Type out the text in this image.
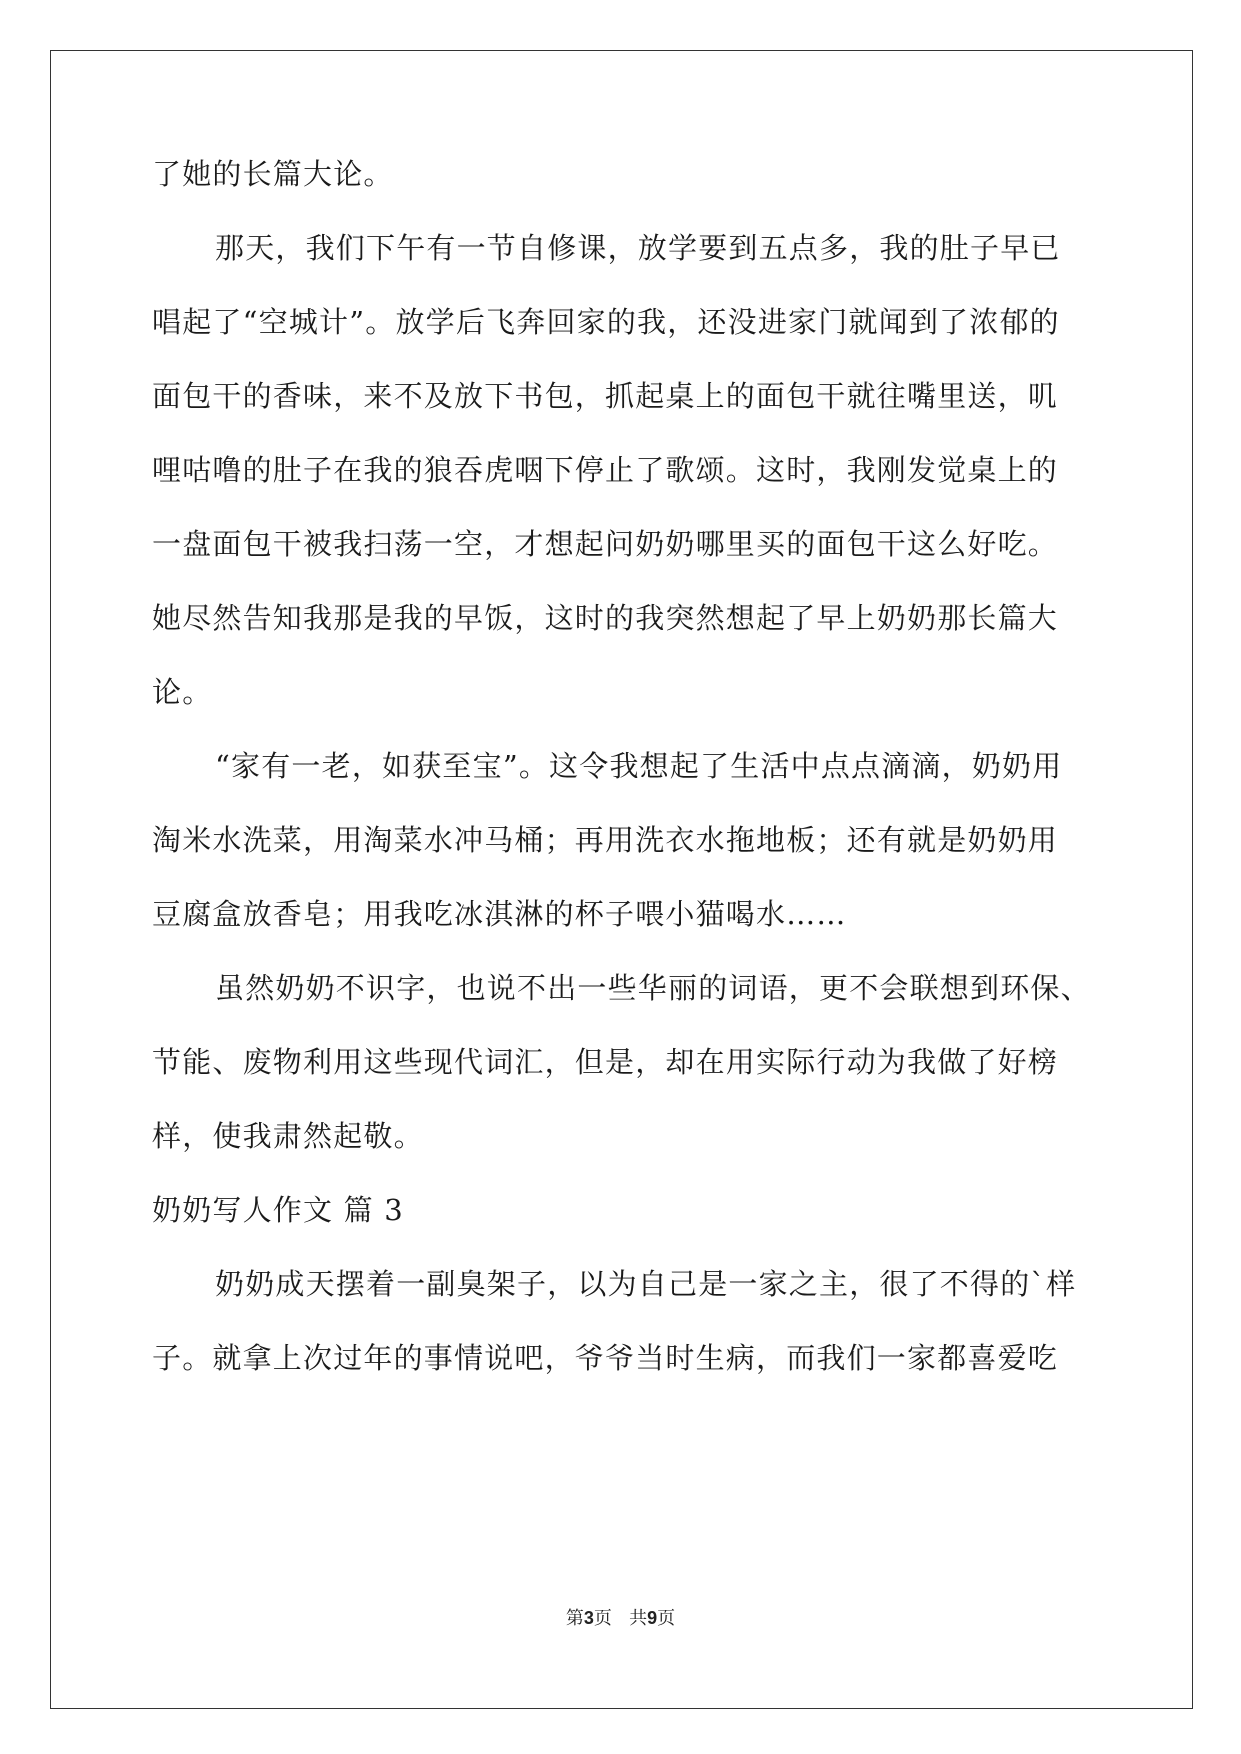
了她的长篇大论。
那天，我们下午有一节自修课，放学要到五点多，我的肚子早已
唱起了“空城计”。放学后飞奔回家的我，还没进家门就闻到了浓郁的
面包干的香味，来不及放下书包，抓起桌上的面包干就往嘴里送，叽
哩咕噜的肚子在我的狼吞虎咽下停止了歌颂。这时，我刚发觉桌上的
一盘面包干被我扫荡一空，才想起问奶奶哪里买的面包干这么好吃。
她尽然告知我那是我的早饭，这时的我突然想起了早上奶奶那长篇大
论。
“家有一老，如获至宝”。这令我想起了生活中点点滴滴，奶奶用
淘米水洗菜，用淘菜水冲马桶；再用洗衣水拖地板；还有就是奶奶用
豆腐盒放香皂；用我吃冰淇淋的杯子喂小猫喝水……
虽然奶奶不识字，也说不出一些华丽的词语，更不会联想到环保、
节能、废物利用这些现代词汇，但是，却在用实际行动为我做了好榜
样，使我肃然起敬。
奶奶写人作文 篇 3
奶奶成天摆着一副臭架子，以为自己是一家之主，很了不得的`样
子。就拿上次过年的事情说吧，爷爷当时生病，而我们一家都喜爱吃
第3页   共9页
